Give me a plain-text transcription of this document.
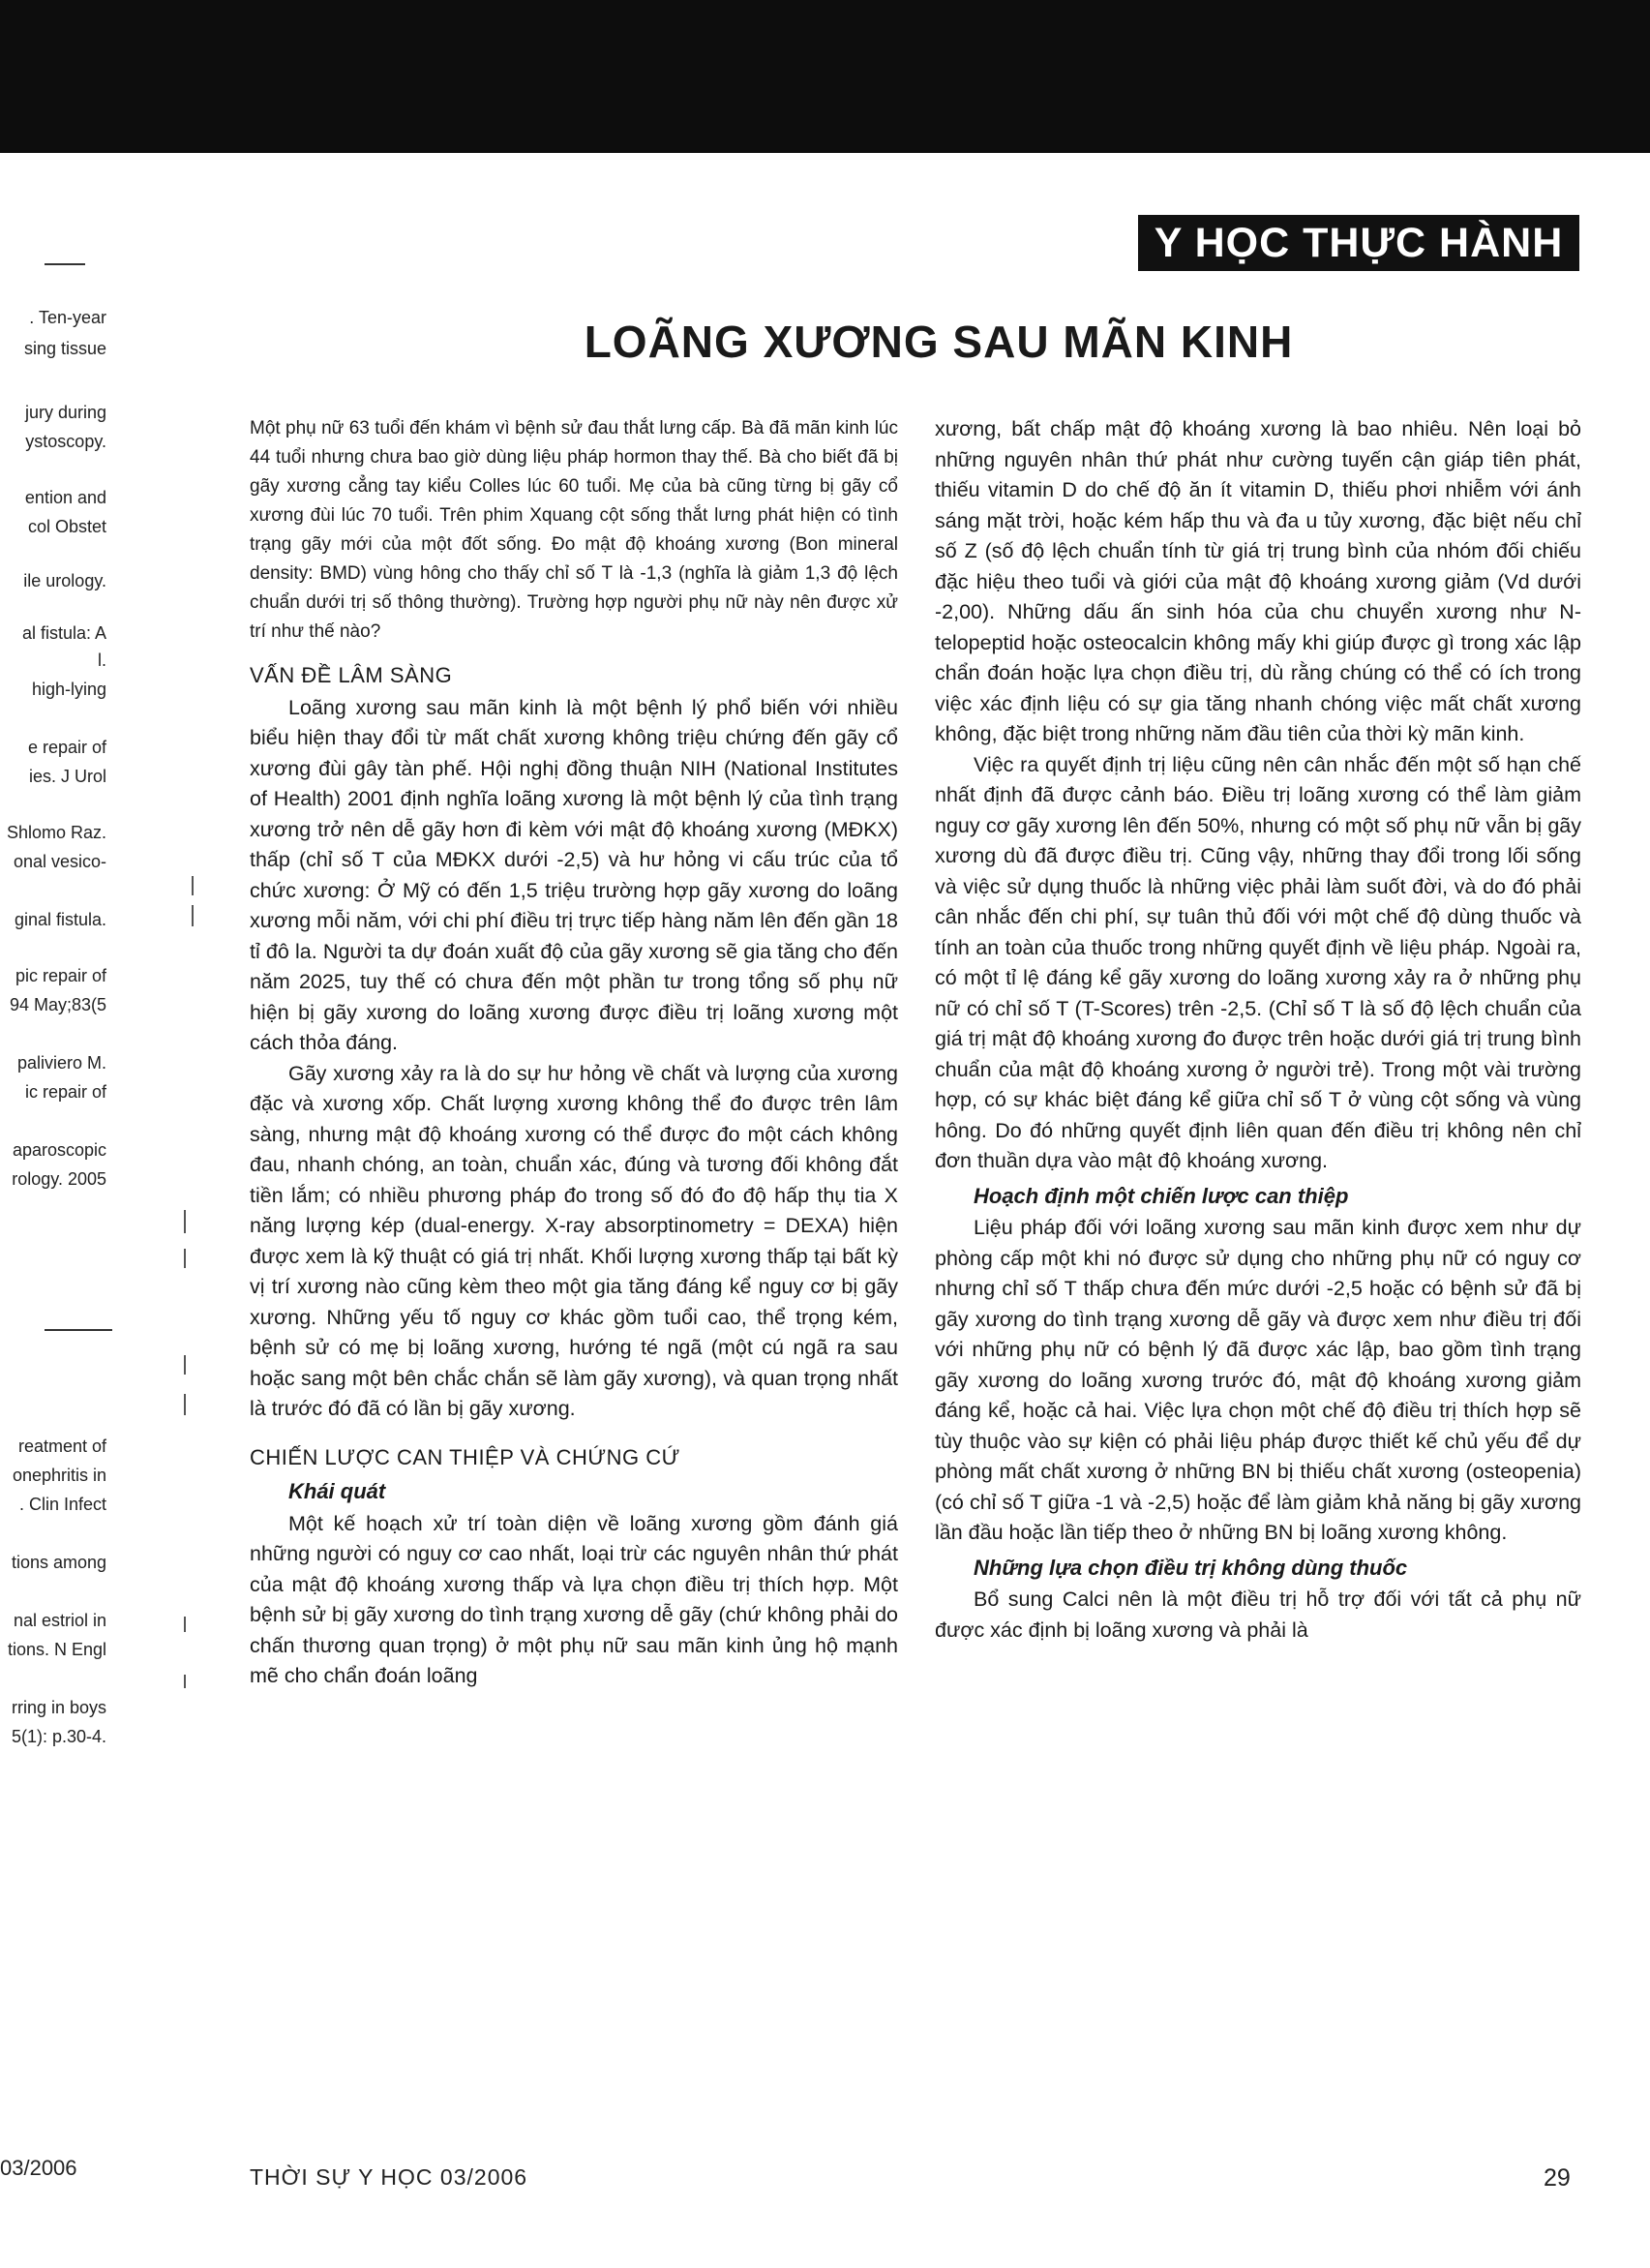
. Ten-year
sing tissue
jury during
ystoscopy.
ention and
col Obstet
ile urology.
al fistula: A
l.
high-lying
e repair of
ies. J Urol
Shlomo Raz.
onal vesico-
ginal fistula.
pic repair of
94 May;83(5
paliviero M.
ic repair of
aparoscopic
rology. 2005
reatment of
onephritis in
. Clin Infect
tions among
nal estriol in
tions. N Engl
rring in boys
5(1): p.30-4.
Y HỌC THỰC HÀNH
LOÃNG XƯƠNG SAU MÃN KINH

Một phụ nữ 63 tuổi đến khám vì bệnh sử đau thắt lưng cấp. Bà đã mãn kinh lúc 44 tuổi nhưng chưa bao giờ dùng liệu pháp hormon thay thế. Bà cho biết đã bị gãy xương cẳng tay kiểu Colles lúc 60 tuổi. Mẹ của bà cũng từng bị gãy cổ xương đùi lúc 70 tuổi. Trên phim Xquang cột sống thắt lưng phát hiện có tình trạng gãy mới của một đốt sống. Đo mật độ khoáng xương (Bon mineral density: BMD) vùng hông cho thấy chỉ số T là -1,3 (nghĩa là giảm 1,3 độ lệch chuẩn dưới trị số thông thường). Trường hợp người phụ nữ này nên được xử trí như thế nào?

VẤN ĐỀ LÂM SÀNG

Loãng xương sau mãn kinh là một bệnh lý phổ biến với nhiều biểu hiện thay đổi từ mất chất xương không triệu chứng đến gãy cổ xương đùi gây tàn phế. Hội nghị đồng thuận NIH (National Institutes of Health) 2001 định nghĩa loãng xương là một bệnh lý của tình trạng xương trở nên dễ gãy hơn đi kèm với mật độ khoáng xương (MĐKX) thấp (chỉ số T của MĐKX dưới -2,5) và hư hỏng vi cấu trúc của tổ chức xương: Ở Mỹ có đến 1,5 triệu trường hợp gãy xương do loãng xương mỗi năm, với chi phí điều trị trực tiếp hàng năm lên đến gần 18 tỉ đô la. Người ta dự đoán xuất độ của gãy xương sẽ gia tăng cho đến năm 2025, tuy thế có chưa đến một phần tư trong tổng số phụ nữ hiện bị gãy xương do loãng xương được điều trị loãng xương một cách thỏa đáng.

Gãy xương xảy ra là do sự hư hỏng về chất và lượng của xương đặc và xương xốp. Chất lượng xương không thể đo được trên lâm sàng, nhưng mật độ khoáng xương có thể được đo một cách không đau, nhanh chóng, an toàn, chuẩn xác, đúng và tương đối không đắt tiền lắm; có nhiều phương pháp đo trong số đó đo độ hấp thụ tia X năng lượng kép (dual-energy. X-ray absorptinometry = DEXA) hiện được xem là kỹ thuật có giá trị nhất. Khối lượng xương thấp tại bất kỳ vị trí xương nào cũng kèm theo một gia tăng đáng kể nguy cơ bị gãy xương. Những yếu tố nguy cơ khác gồm tuổi cao, thể trọng kém, bệnh sử có mẹ bị loãng xương, hướng té ngã (một cú ngã ra sau hoặc sang một bên chắc chắn sẽ làm gãy xương), và quan trọng nhất là trước đó đã có lần bị gãy xương.

CHIẾN LƯỢC CAN THIỆP VÀ CHỨNG CỨ
Khái quát

Một kế hoạch xử trí toàn diện về loãng xương gồm đánh giá những người có nguy cơ cao nhất, loại trừ các nguyên nhân thứ phát của mật độ khoáng xương thấp và lựa chọn điều trị thích hợp. Một bệnh sử bị gãy xương do tình trạng xương dễ gãy (chứ không phải do chấn thương quan trọng) ở một phụ nữ sau mãn kinh ủng hộ mạnh mẽ cho chẩn đoán loãng

xương, bất chấp mật độ khoáng xương là bao nhiêu. Nên loại bỏ những nguyên nhân thứ phát như cường tuyến cận giáp tiên phát, thiếu vitamin D do chế độ ăn ít vitamin D, thiếu phơi nhiễm với ánh sáng mặt trời, hoặc kém hấp thu và đa u tủy xương, đặc biệt nếu chỉ số Z (số độ lệch chuẩn tính từ giá trị trung bình của nhóm đối chiếu đặc hiệu theo tuổi và giới của mật độ khoáng xương giảm (Vd dưới -2,00). Những dấu ấn sinh hóa của chu chuyển xương như N-telopeptid hoặc osteocalcin không mấy khi giúp được gì trong xác lập chẩn đoán hoặc lựa chọn điều trị, dù rằng chúng có thể có ích trong việc xác định liệu có sự gia tăng nhanh chóng việc mất chất xương không, đặc biệt trong những năm đầu tiên của thời kỳ mãn kinh.

Việc ra quyết định trị liệu cũng nên cân nhắc đến một số hạn chế nhất định đã được cảnh báo. Điều trị loãng xương có thể làm giảm nguy cơ gãy xương lên đến 50%, nhưng có một số phụ nữ vẫn bị gãy xương dù đã được điều trị. Cũng vậy, những thay đổi trong lối sống và việc sử dụng thuốc là những việc phải làm suốt đời, và do đó phải cân nhắc đến chi phí, sự tuân thủ đối với một chế độ dùng thuốc và tính an toàn của thuốc trong những quyết định về liệu pháp. Ngoài ra, có một tỉ lệ đáng kể gãy xương do loãng xương xảy ra ở những phụ nữ có chỉ số T (T-Scores) trên -2,5. (Chỉ số T là số độ lệch chuẩn của giá trị mật độ khoáng xương đo được trên hoặc dưới giá trị trung bình chuẩn của mật độ khoáng xương ở người trẻ). Trong một vài trường hợp, có sự khác biệt đáng kể giữa chỉ số T ở vùng cột sống và vùng hông. Do đó những quyết định liên quan đến điều trị không nên chỉ đơn thuần dựa vào mật độ khoáng xương.

Hoạch định một chiến lược can thiệp

Liệu pháp đối với loãng xương sau mãn kinh được xem như dự phòng cấp một khi nó được sử dụng cho những phụ nữ có nguy cơ nhưng chỉ số T thấp chưa đến mức dưới -2,5 hoặc có bệnh sử đã bị gãy xương do tình trạng xương dễ gãy và được xem như điều trị đối với những phụ nữ có bệnh lý đã được xác lập, bao gồm tình trạng gãy xương do loãng xương trước đó, mật độ khoáng xương giảm đáng kể, hoặc cả hai. Việc lựa chọn một chế độ điều trị thích hợp sẽ tùy thuộc vào sự kiện có phải liệu pháp được thiết kế chủ yếu để dự phòng mất chất xương ở những BN bị thiếu chất xương (osteopenia) (có chỉ số T giữa -1 và -2,5) hoặc để làm giảm khả năng bị gãy xương lần đầu hoặc lần tiếp theo ở những BN bị loãng xương không.

Những lựa chọn điều trị không dùng thuốc

Bổ sung Calci nên là một điều trị hỗ trợ đối với tất cả phụ nữ được xác định bị loãng xương và phải là

03/2006	THỜI SỰ Y HỌC 03/2006	29
